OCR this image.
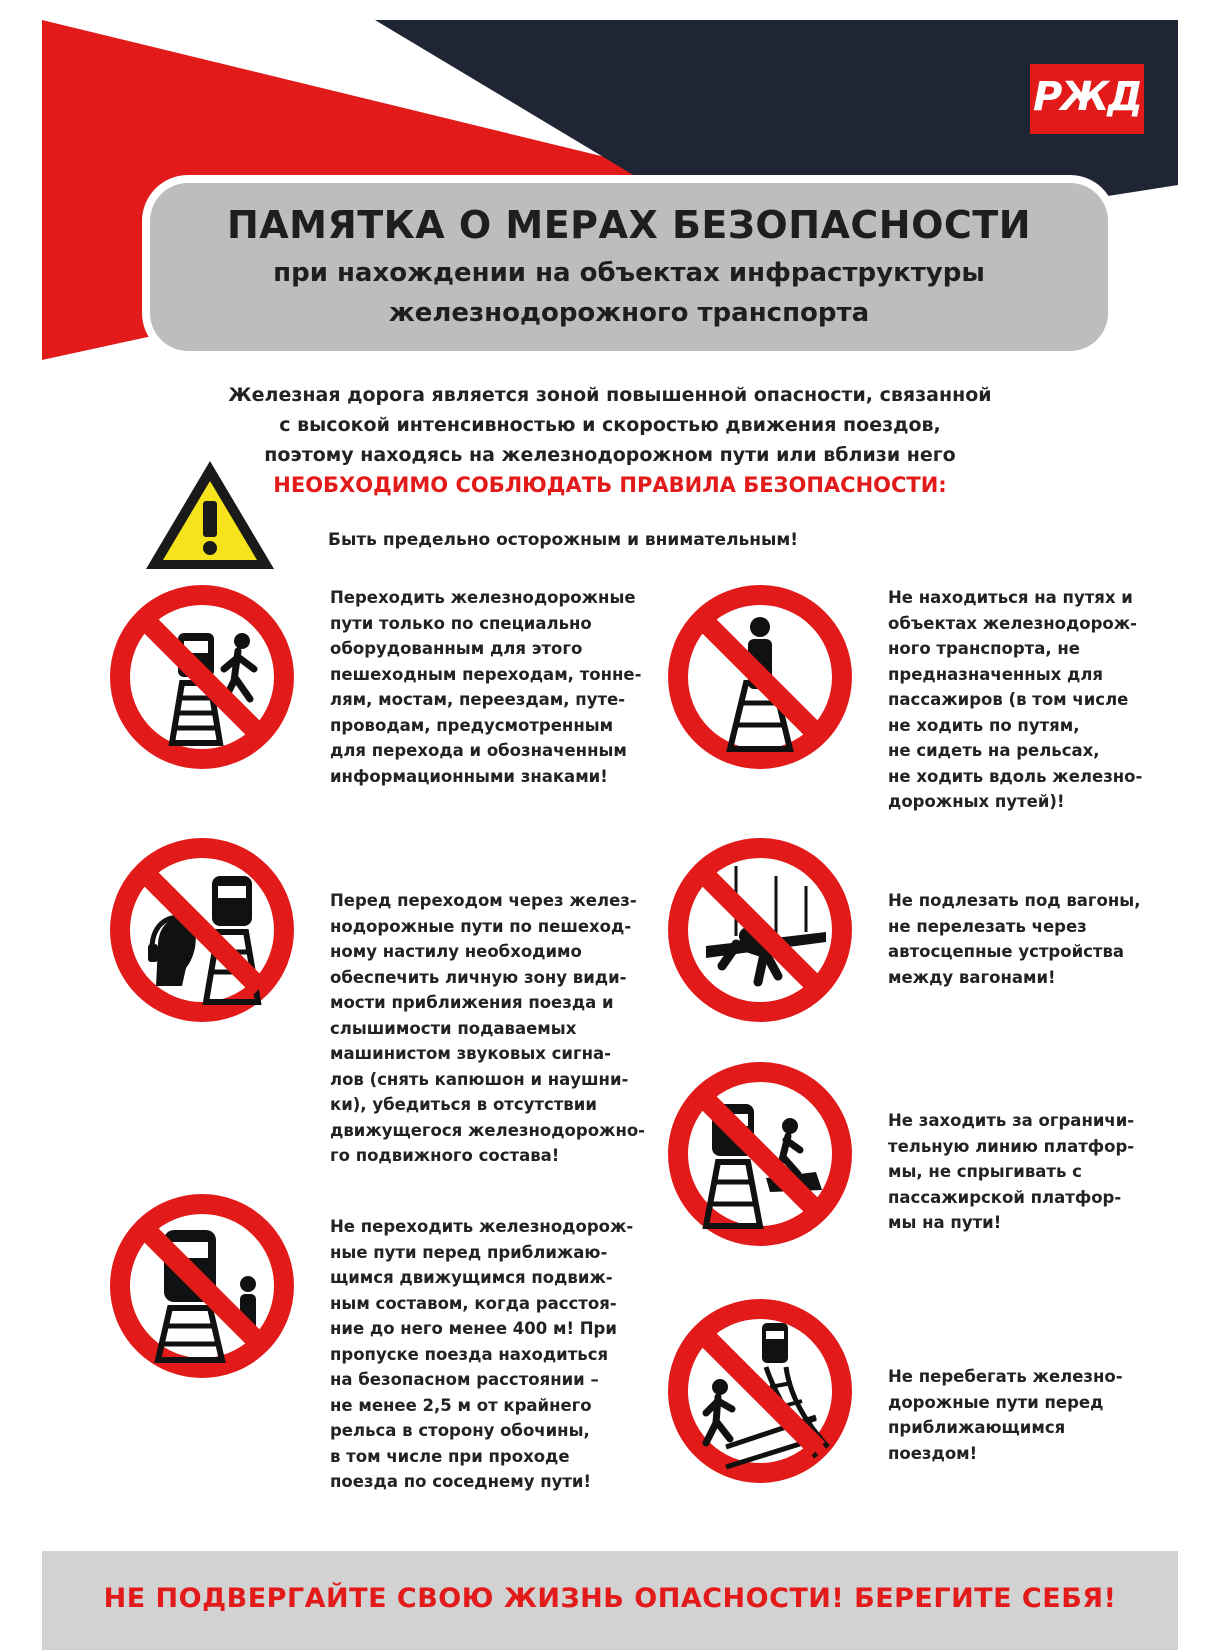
РЖД
ПАМЯТКА О МЕРАХ БЕЗОПАСНОСТИ
при нахождении на объектах инфраструктуры
железнодорожного транспорта
Железная дорога является зоной повышенной опасности, связанной
с высокой интенсивностью и скоростью движения поездов,
поэтому находясь на железнодорожном пути или вблизи него
НЕОБХОДИМО СОБЛЮДАТЬ ПРАВИЛА БЕЗОПАСНОСТИ:
Быть предельно осторожным и внимательным!
Переходить железнодорожные
пути только по специально
оборудованным для этого
пешеходным переходам, тонне-
лям, мостам, переездам, путе-
проводам, предусмотренным
для перехода и обозначенным
информационными знаками!
Перед переходом через желез-
нодорожные пути по пешеход-
ному настилу необходимо
обеспечить личную зону види-
мости приближения поезда и
слышимости подаваемых
машинистом звуковых сигна-
лов (снять капюшон и наушни-
ки), убедиться в отсутствии
движущегося железнодорожно-
го подвижного состава!
Не переходить железнодорож-
ные пути перед приближаю-
щимся движущимся подвиж-
ным составом, когда расстоя-
ние до него менее 400 м! При
пропуске поезда находиться
на безопасном расстоянии –
не менее 2,5 м от крайнего
рельса в сторону обочины,
в том числе при проходе
поезда по соседнему пути!
Не находиться на путях и
объектах железнодорож-
ного транспорта, не
предназначенных для
пассажиров (в том числе
не ходить по путям,
не сидеть на рельсах,
не ходить вдоль железно-
дорожных путей)!
Не подлезать под вагоны,
не перелезать через
автосцепные устройства
между вагонами!
Не заходить за ограничи-
тельную линию платфор-
мы, не спрыгивать с
пассажирской платфор-
мы на пути!
Не перебегать железно-
дорожные пути перед
приближающимся
поездом!
НЕ ПОДВЕРГАЙТЕ СВОЮ ЖИЗНЬ ОПАСНОСТИ! БЕРЕГИТЕ СЕБЯ!
